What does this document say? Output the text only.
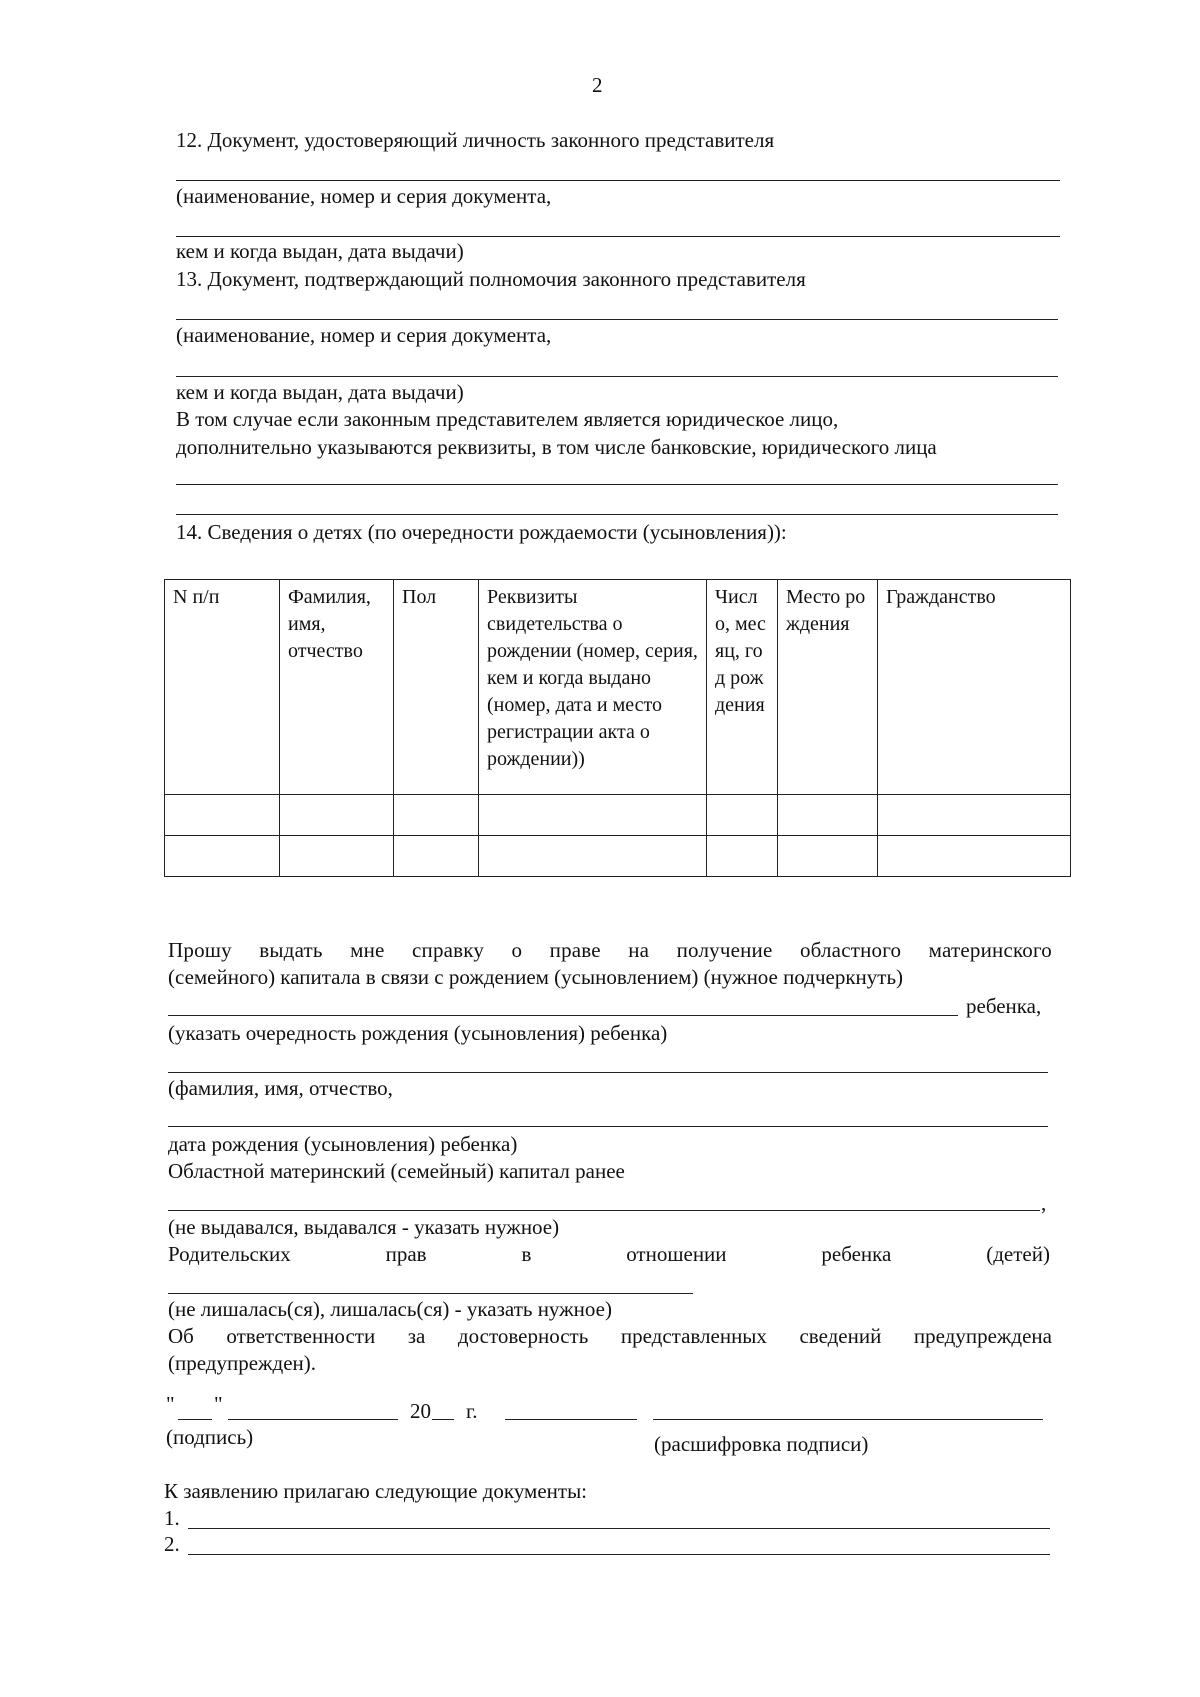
2
12. Документ, удостоверяющий личность законного представителя
(наименование, номер и серия документа,
кем и когда выдан, дата выдачи)
13. Документ, подтверждающий полномочия законного представителя
(наименование, номер и серия документа,
кем и когда выдан, дата выдачи)
В том случае если законным представителем является юридическое лицо,
дополнительно указываются реквизиты, в том числе банковские, юридического лица
14. Сведения о детях (по очередности рождаемости (усыновления)):
N п/п	Фамилия, имя, отчество	Пол	Реквизиты свидетельства о рождении (номер, серия, кем и когда выдано (номер, дата и место регистрации акта о рождении))	Число, месяц, год рождения	Место рождения	Гражданство

Прошу выдать мне справку о праве на получение областного материнского
(семейного) капитала в связи с рождением (усыновлением) (нужное подчеркнуть)
ребенка,
(указать очередность рождения (усыновления) ребенка)
(фамилия, имя, отчество,
дата рождения (усыновления) ребенка)
Областной материнский (семейный) капитал ранее
,
(не выдавался, выдавался - указать нужное)
Родительских	прав	в	отношении	ребенка	(детей)
(не лишалась(ся), лишалась(ся) - указать нужное)
Об ответственности за достоверность представленных сведений предупреждена (предупрежден).
" "	20 г.
(подпись)	(расшифровка подписи)
К заявлению прилагаю следующие документы:
1.
2.
